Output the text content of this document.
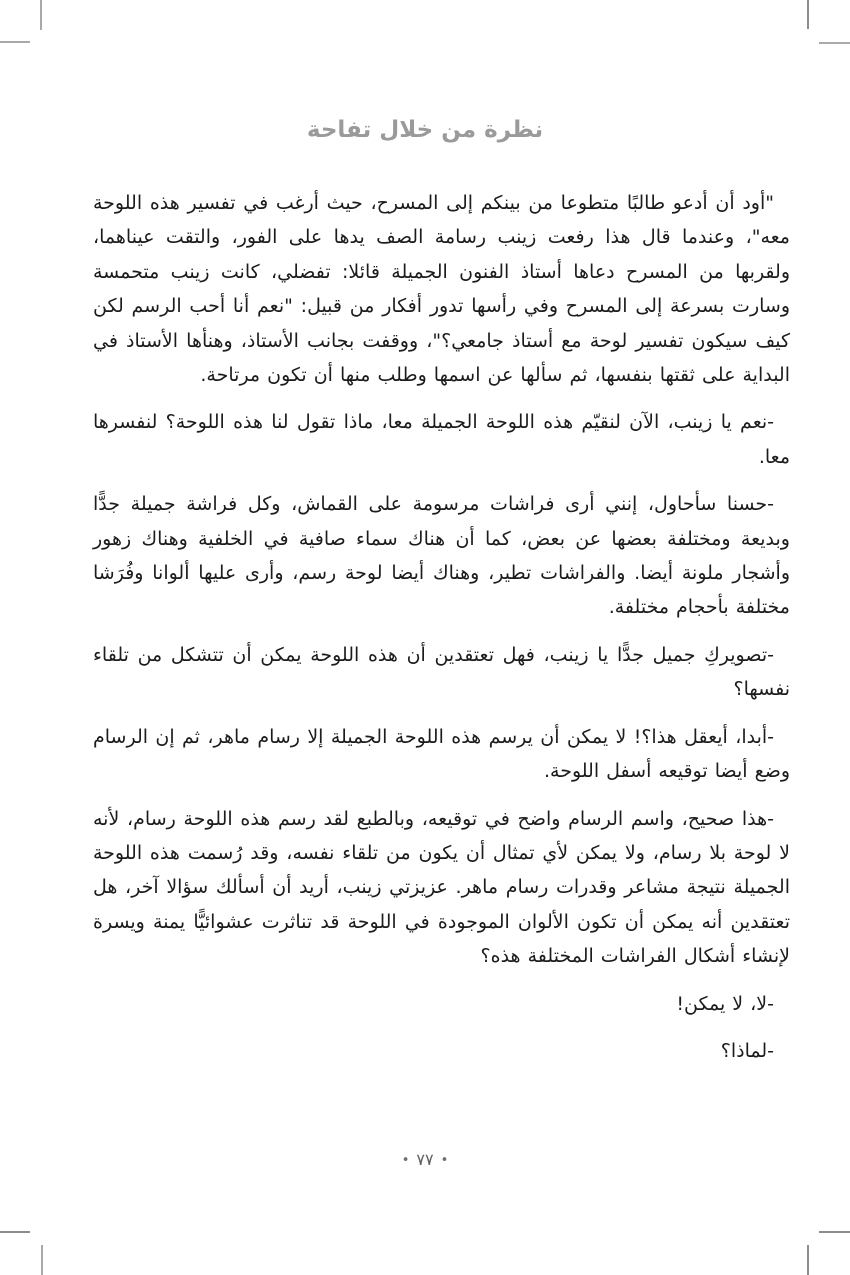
نظرة من خلال تفاحة

"أود أن أدعو طالبًا متطوعا من بينكم إلى المسرح، حيث أرغب في تفسير هذه اللوحة معه"، وعندما قال هذا رفعت زينب رسامة الصف يدها على الفور، والتقت عيناهما، ولقربها من المسرح دعاها أستاذ الفنون الجميلة قائلا: تفضلي، كانت زينب متحمسة وسارت بسرعة إلى المسرح وفي رأسها تدور أفكار من قبيل: "نعم أنا أحب الرسم لكن كيف سيكون تفسير لوحة مع أستاذ جامعي؟"، ووقفت بجانب الأستاذ، وهنأها الأستاذ في البداية على ثقتها بنفسها، ثم سألها عن اسمها وطلب منها أن تكون مرتاحة.

-نعم يا زينب، الآن لنقيّم هذه اللوحة الجميلة معا، ماذا تقول لنا هذه اللوحة؟ لنفسرها معا.

-حسنا سأحاول، إنني أرى فراشات مرسومة على القماش، وكل فراشة جميلة جدًّا وبديعة ومختلفة بعضها عن بعض، كما أن هناك سماء صافية في الخلفية وهناك زهور وأشجار ملونة أيضا. والفراشات تطير، وهناك أيضا لوحة رسم، وأرى عليها ألوانا وفُرَشا مختلفة بأحجام مختلفة.

-تصويركِ جميل جدًّا يا زينب، فهل تعتقدين أن هذه اللوحة يمكن أن تتشكل من تلقاء نفسها؟

-أبدا، أيعقل هذا؟! لا يمكن أن يرسم هذه اللوحة الجميلة إلا رسام ماهر، ثم إن الرسام وضع أيضا توقيعه أسفل اللوحة.

-هذا صحيح، واسم الرسام واضح في توقيعه، وبالطبع لقد رسم هذه اللوحة رسام، لأنه لا لوحة بلا رسام، ولا يمكن لأي تمثال أن يكون من تلقاء نفسه، وقد رُسمت هذه اللوحة الجميلة نتيجة مشاعر وقدرات رسام ماهر. عزيزتي زينب، أريد أن أسألك سؤالا آخر، هل تعتقدين أنه يمكن أن تكون الألوان الموجودة في اللوحة قد تناثرت عشوائيًّا يمنة ويسرة لإنشاء أشكال الفراشات المختلفة هذه؟

-لا، لا يمكن!

-لماذا؟

•٧٧•
